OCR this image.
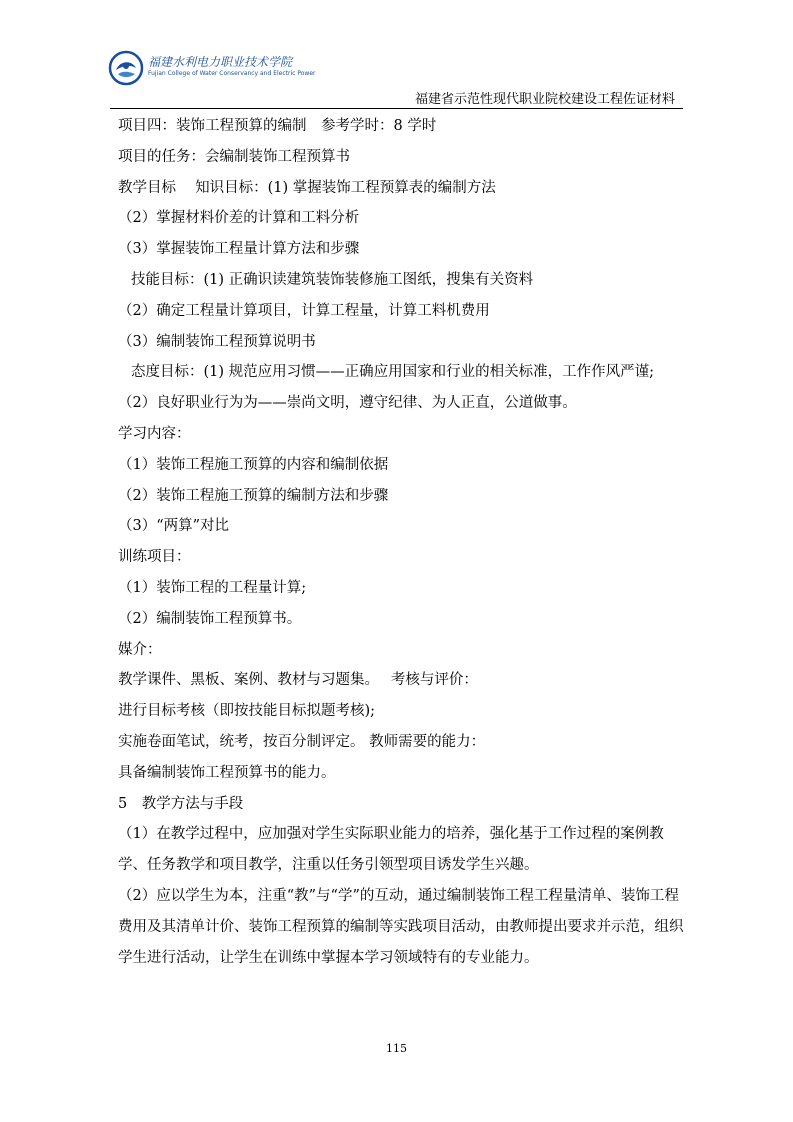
福建水利电力职业技术学院
Fujian College of Water Conservancy and Electric Power
福建省示范性现代职业院校建设工程佐证材料

项目四：装饰工程预算的编制　参考学时：8 学时

项目的任务：会编制装饰工程预算书

教学目标　 知识目标：(1) 掌握装饰工程预算表的编制方法

（2）掌握材料价差的计算和工料分析

（3）掌握装饰工程量计算方法和步骤

技能目标：(1) 正确识读建筑装饰装修施工图纸，搜集有关资料

（2）确定工程量计算项目，计算工程量，计算工料机费用

（3）编制装饰工程预算说明书

态度目标：(1) 规范应用习惯——正确应用国家和行业的相关标准，工作作风严谨;

（2）良好职业行为为——崇尚文明，遵守纪律、为人正直，公道做事。

学习内容：

（1）装饰工程施工预算的内容和编制依据

（2）装饰工程施工预算的编制方法和步骤

（3）“两算”对比

训练项目：

（1）装饰工程的工程量计算;

（2）编制装饰工程预算书。

媒介：

教学课件、黑板、案例、教材与习题集。　 考核与评价：

进行目标考核（即按技能目标拟题考核);

实施卷面笔试，统考，按百分制评定。 教师需要的能力：

具备编制装饰工程预算书的能力。

5　教学方法与手段

（1）在教学过程中，应加强对学生实际职业能力的培养，强化基于工作过程的案例教学、任务教学和项目教学，注重以任务引领型项目诱发学生兴趣。

（2）应以学生为本，注重“教”与“学”的互动，通过编制装饰工程工程量清单、装饰工程费用及其清单计价、装饰工程预算的编制等实践项目活动，由教师提出要求并示范，组织学生进行活动，让学生在训练中掌握本学习领域特有的专业能力。

115
